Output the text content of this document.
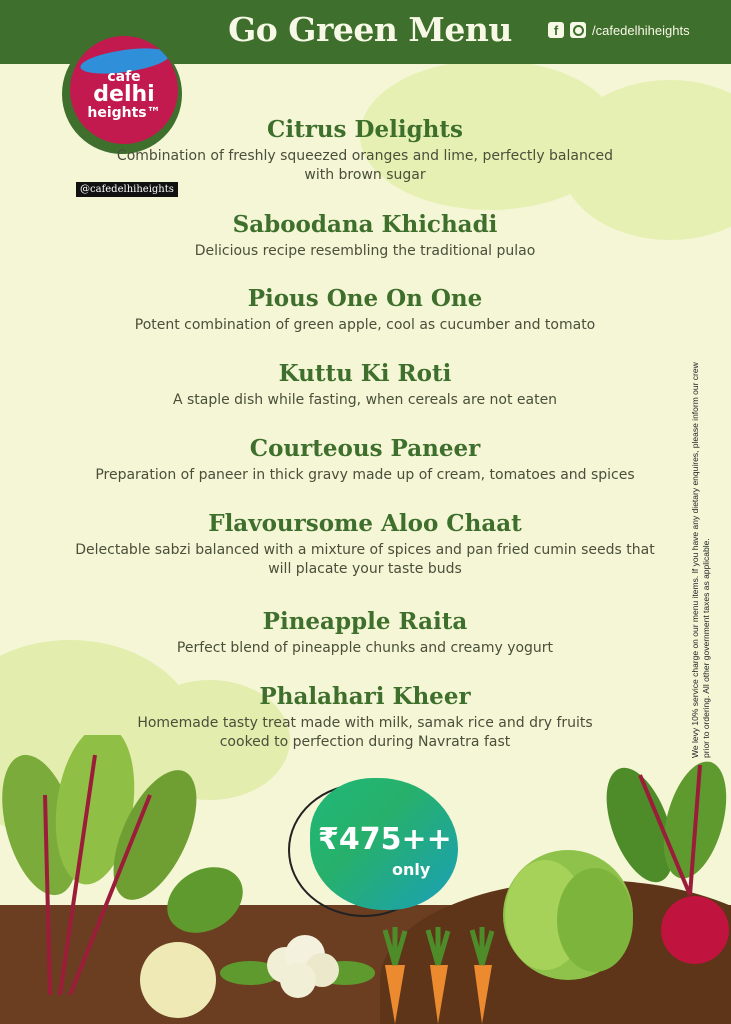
Go Green Menu	f	/cafedelhiheights
cafe
delhi
heights™
@cafedelhiheights
Citrus Delights

Combination of freshly squeezed oranges and lime, perfectly balanced with brown sugar

Saboodana Khichadi

Delicious recipe resembling the traditional pulao

Pious One On One

Potent combination of green apple, cool as cucumber and tomato

Kuttu Ki Roti

A staple dish while fasting, when cereals are not eaten

Courteous Paneer

Preparation of paneer in thick gravy made up of cream, tomatoes and spices

Flavoursome Aloo Chaat

Delectable sabzi balanced with a mixture of spices and pan fried cumin seeds that will placate your taste buds

Pineapple Raita

Perfect blend of pineapple chunks and creamy yogurt

Phalahari Kheer

Homemade tasty treat made with milk, samak rice and dry fruits cooked to perfection during Navratra fast	We levy 10% service charge on our menu items. If you have any dietary enquires, please inform our crew prior to ordering. All other government taxes as applicable.
₹475++
only
